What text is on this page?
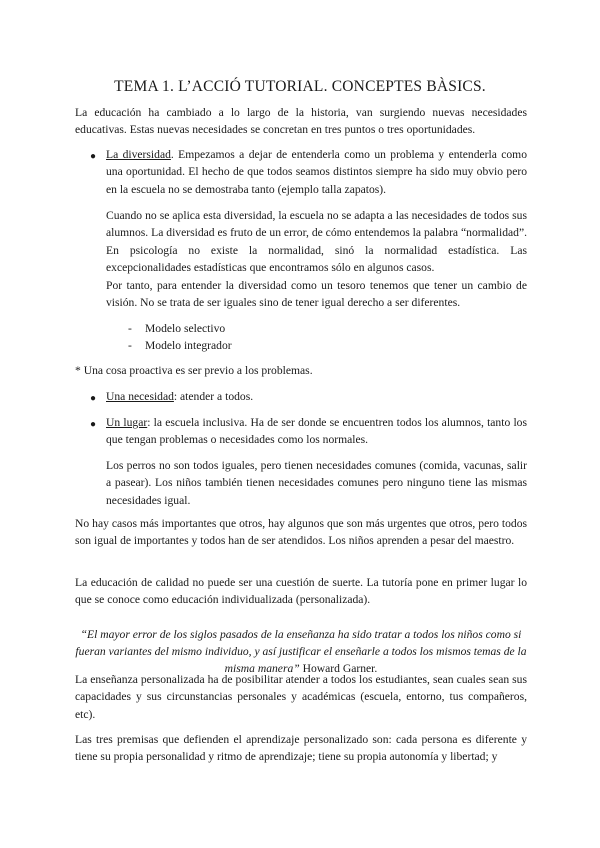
TEMA 1. L’ACCIÓ TUTORIAL. CONCEPTES BÀSICS.

La educación ha cambiado a lo largo de la historia, van surgiendo nuevas necesidades educativas. Estas nuevas necesidades se concretan en tres puntos o tres oportunidades.

● La diversidad. Empezamos a dejar de entenderla como un problema y entenderla como una oportunidad. El hecho de que todos seamos distintos siempre ha sido muy obvio pero en la escuela no se demostraba tanto (ejemplo talla zapatos).

Cuando no se aplica esta diversidad, la escuela no se adapta a las necesidades de todos sus alumnos. La diversidad es fruto de un error, de cómo entendemos la palabra “normalidad”. En psicología no existe la normalidad, sinó la normalidad estadística. Las excepcionalidades estadísticas que encontramos sólo en algunos casos.

Por tanto, para entender la diversidad como un tesoro tenemos que tener un cambio de visión. No se trata de ser iguales sino de tener igual derecho a ser diferentes.

- Modelo selectivo
- Modelo integrador

* Una cosa proactiva es ser previo a los problemas.

● Una necesidad: atender a todos.

● Un lugar: la escuela inclusiva. Ha de ser donde se encuentren todos los alumnos, tanto los que tengan problemas o necesidades como los normales.

Los perros no son todos iguales, pero tienen necesidades comunes (comida, vacunas, salir a pasear). Los niños también tienen necesidades comunes pero ninguno tiene las mismas necesidades igual.

No hay casos más importantes que otros, hay algunos que son más urgentes que otros, pero todos son igual de importantes y todos han de ser atendidos. Los niños aprenden a pesar del maestro.

La educación de calidad no puede ser una cuestión de suerte. La tutoría pone en primer lugar lo que se conoce como educación individualizada (personalizada).

“El mayor error de los siglos pasados de la enseñanza ha sido tratar a todos los niños como si fueran variantes del mismo individuo, y así justificar el enseñarle a todos los mismos temas de la misma manera” Howard Garner.

La enseñanza personalizada ha de posibilitar atender a todos los estudiantes, sean cuales sean sus capacidades y sus circunstancias personales y académicas (escuela, entorno, tus compañeros, etc).

Las tres premisas que defienden el aprendizaje personalizado son: cada persona es diferente y tiene su propia personalidad y ritmo de aprendizaje; tiene su propia autonomía y libertad; y
